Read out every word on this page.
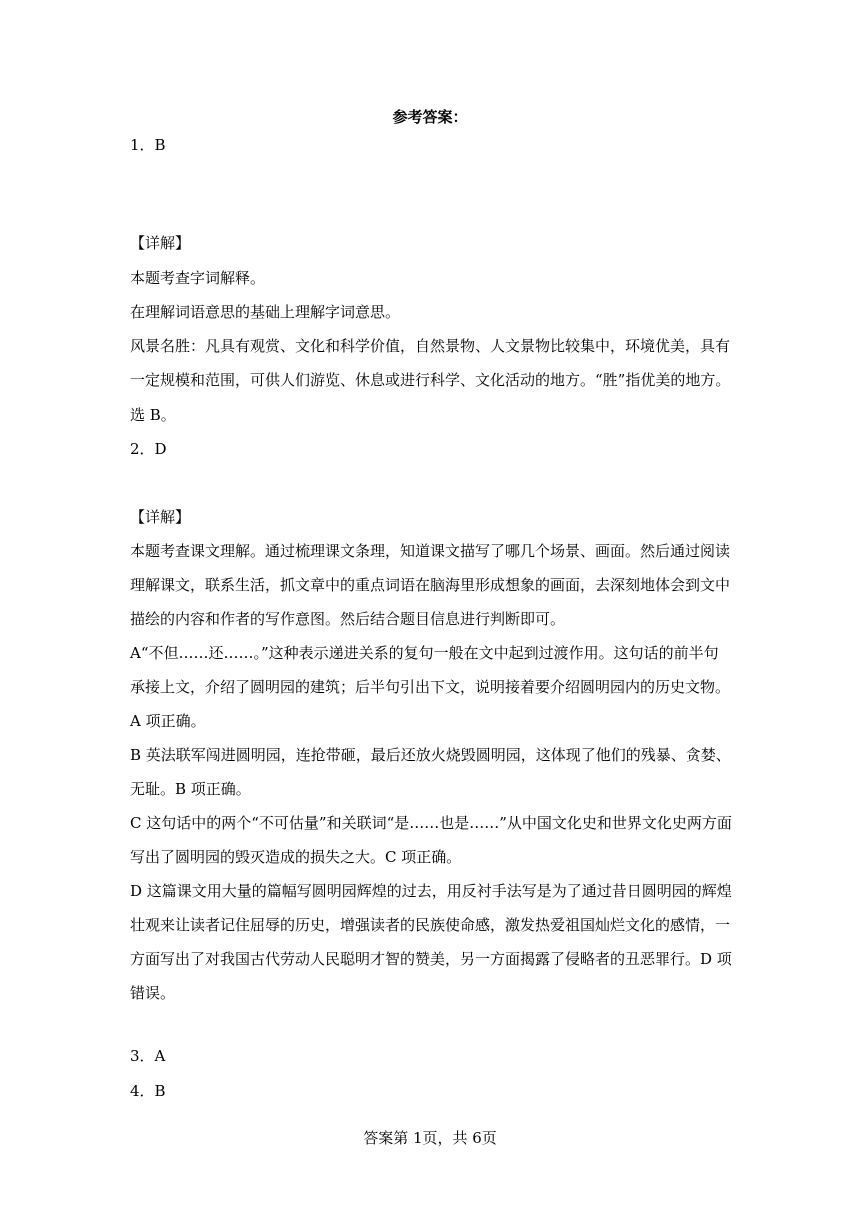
参考答案：
1．B
【详解】
本题考查字词解释。
在理解词语意思的基础上理解字词意思。
风景名胜：凡具有观赏、文化和科学价值，自然景物、人文景物比较集中，环境优美，具有
一定规模和范围，可供人们游览、休息或进行科学、文化活动的地方。“胜”指优美的地方。
选 B。
2．D
【详解】
本题考查课文理解。通过梳理课文条理，知道课文描写了哪几个场景、画面。然后通过阅读
理解课文，联系生活，抓文章中的重点词语在脑海里形成想象的画面，去深刻地体会到文中
描绘的内容和作者的写作意图。然后结合题目信息进行判断即可。
A“不但……还……。”这种表示递进关系的复句一般在文中起到过渡作用。这句话的前半句
承接上文，介绍了圆明园的建筑；后半句引出下文，说明接着要介绍圆明园内的历史文物。
A 项正确。
B 英法联军闯进圆明园，连抢带砸，最后还放火烧毁圆明园，这体现了他们的残暴、贪婪、
无耻。B 项正确。
C 这句话中的两个“不可估量”和关联词“是……也是……”从中国文化史和世界文化史两方面
写出了圆明园的毁灭造成的损失之大。C 项正确。
D 这篇课文用大量的篇幅写圆明园辉煌的过去，用反衬手法写是为了通过昔日圆明园的辉煌
壮观来让读者记住屈辱的历史，增强读者的民族使命感，激发热爱祖国灿烂文化的感情，一
方面写出了对我国古代劳动人民聪明才智的赞美，另一方面揭露了侵略者的丑恶罪行。D 项
错误。
3．A
4．B
答案第 1页，共 6页
